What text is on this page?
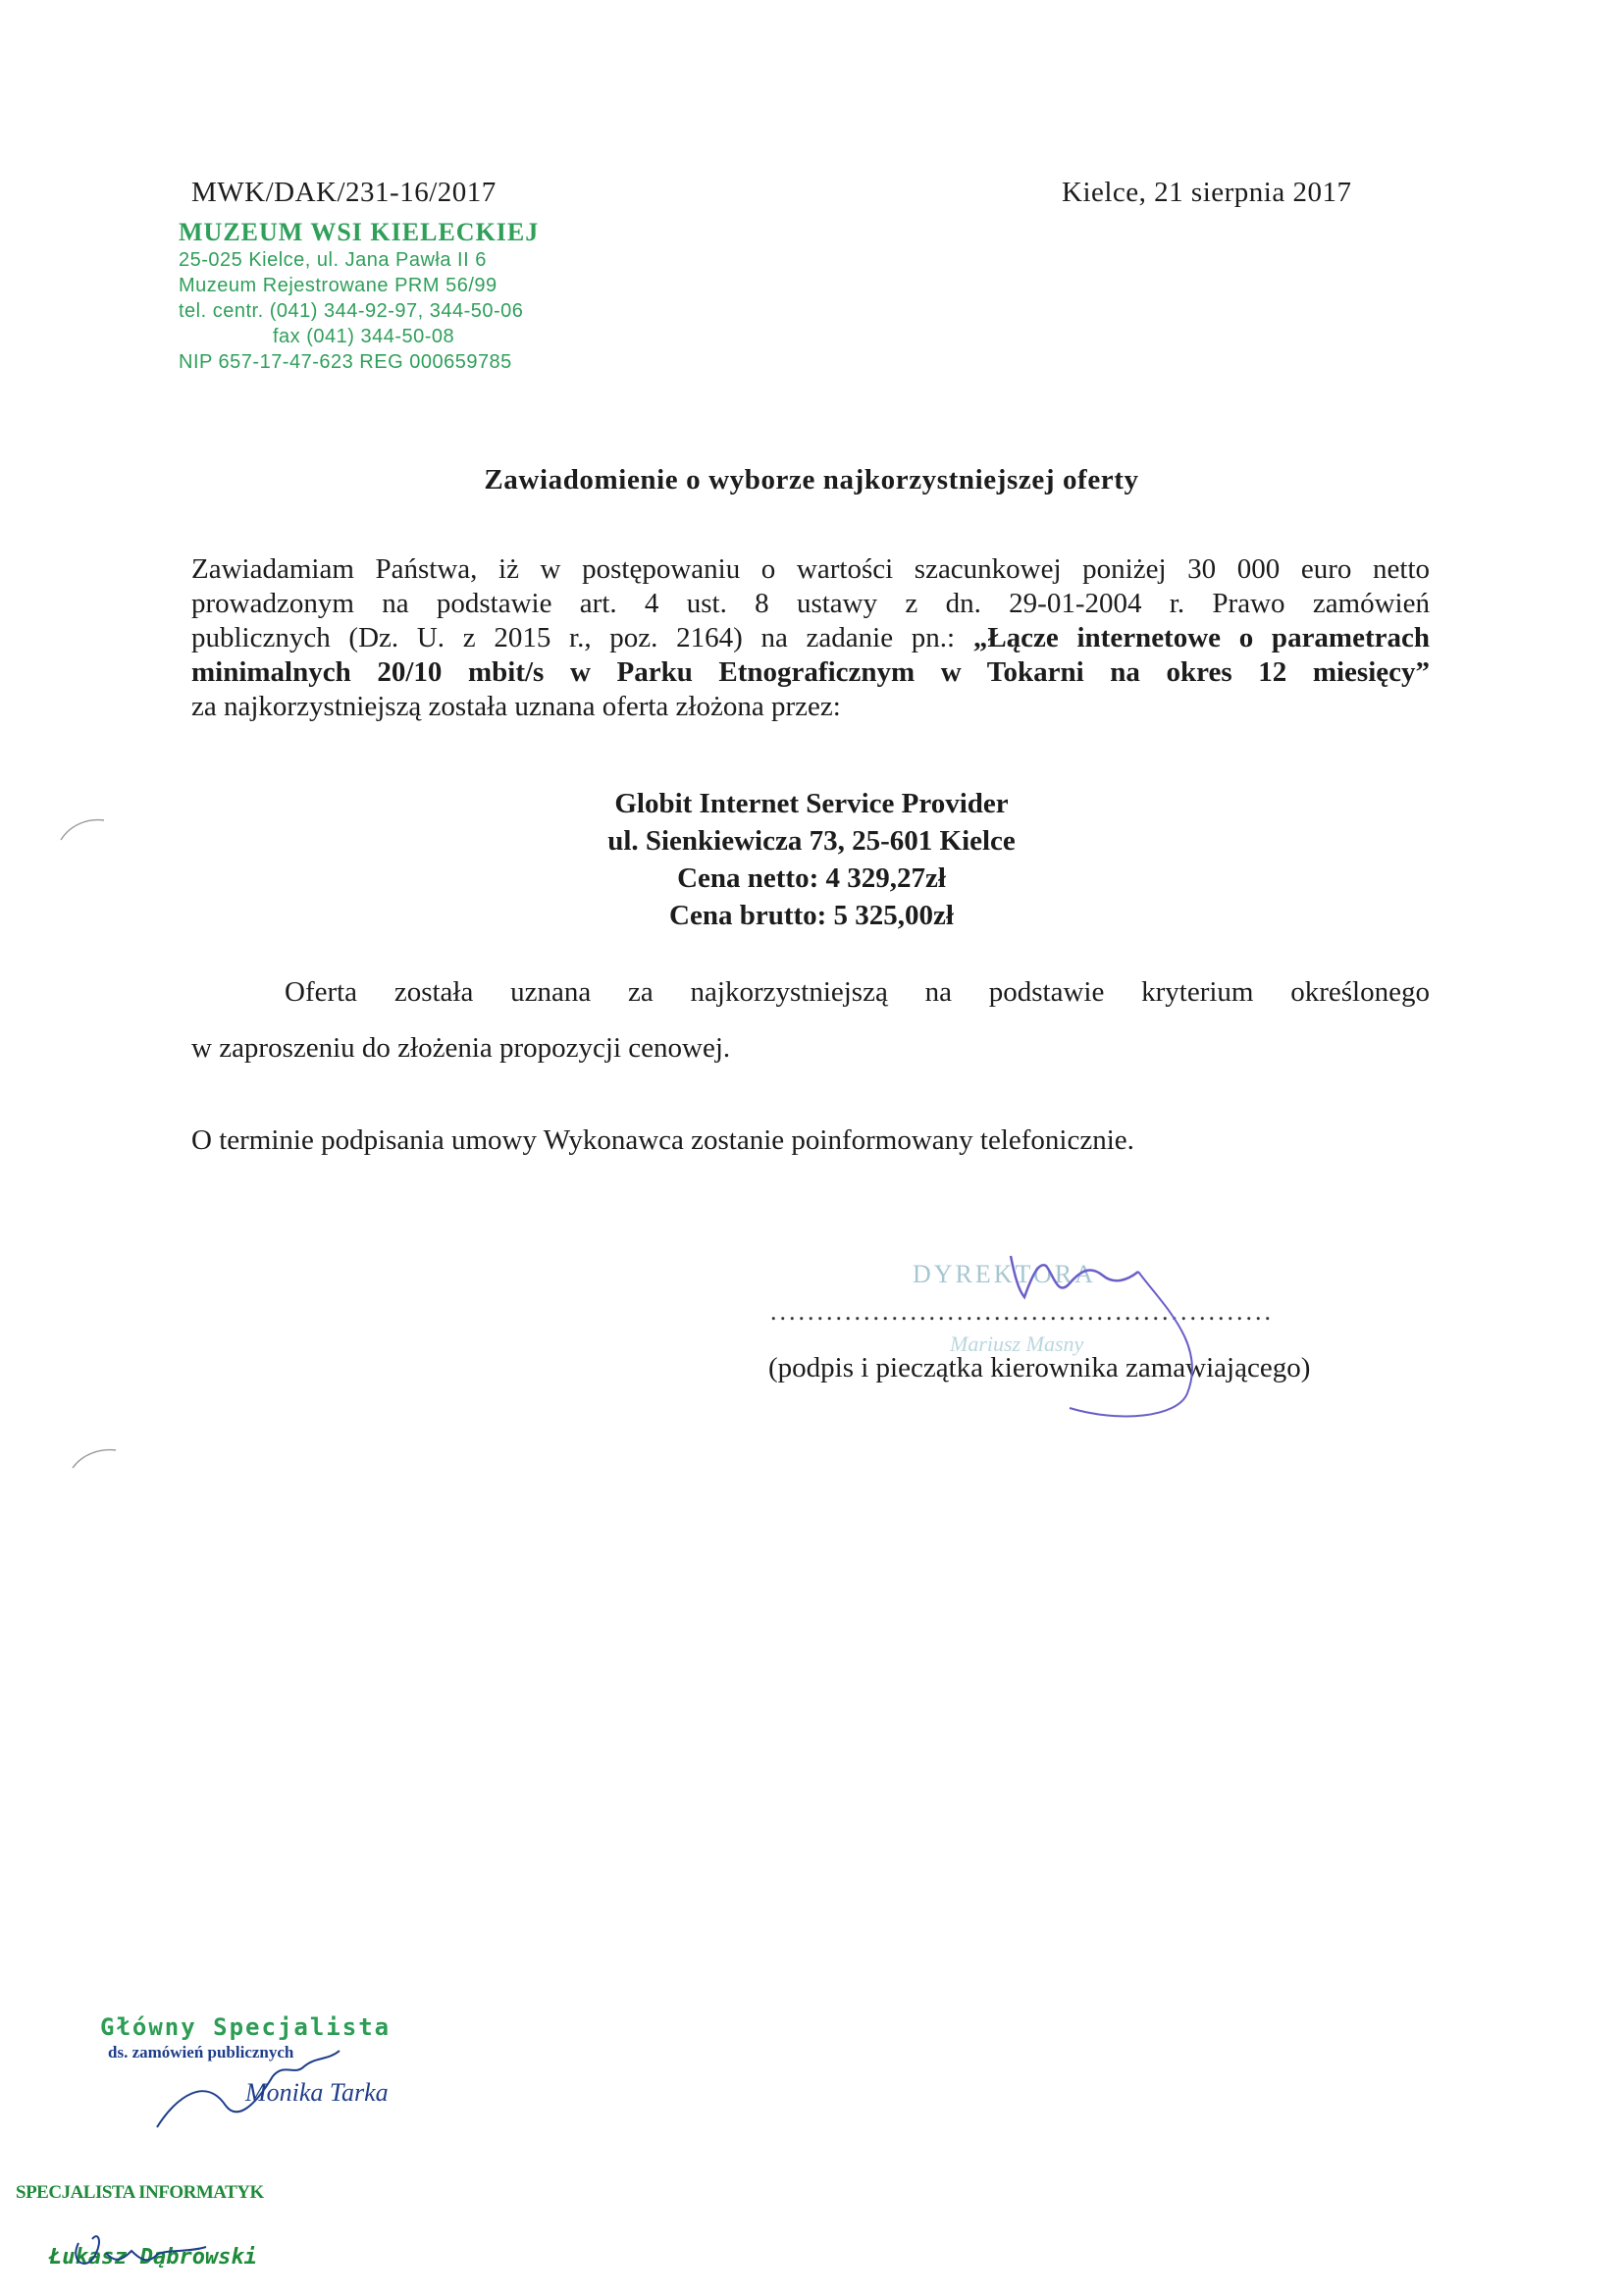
MWK/DAK/231-16/2017	Kielce, 21 sierpnia 2017
MUZEUM WSI KIELECKIEJ
25-025 Kielce, ul. Jana Pawła II 6
Muzeum Rejestrowane PRM 56/99
tel. centr. (041) 344-92-97, 344-50-06
fax (041) 344-50-08
NIP 657-17-47-623 REG 000659785
Zawiadomienie o wyborze najkorzystniejszej oferty
Zawiadamiam Państwa, iż w postępowaniu o wartości szacunkowej poniżej 30 000 euro netto
prowadzonym na podstawie art. 4 ust. 8 ustawy z dn. 29-01-2004 r. Prawo zamówień
publicznych (Dz. U. z 2015 r., poz. 2164) na zadanie pn.: „Łącze internetowe o parametrach
minimalnych 20/10 mbit/s w Parku Etnograficznym w Tokarni na okres 12 miesięcy”
za najkorzystniejszą została uznana oferta złożona przez:
Globit Internet Service Provider
ul. Sienkiewicza 73, 25-601 Kielce
Cena netto: 4 329,27zł
Cena brutto: 5 325,00zł
Oferta została uznana za najkorzystniejszą na podstawie kryterium określonego
w zaproszeniu do złożenia propozycji cenowej.
O terminie podpisania umowy Wykonawca zostanie poinformowany telefonicznie.
DYREKTORA
Mariusz Masny
......................................................
(podpis i pieczątka kierownika zamawiającego)
Główny Specjalista
ds. zamówień publicznych
Monika Tarka
SPECJALISTA INFORMATYK
Łukasz Dąbrowski
